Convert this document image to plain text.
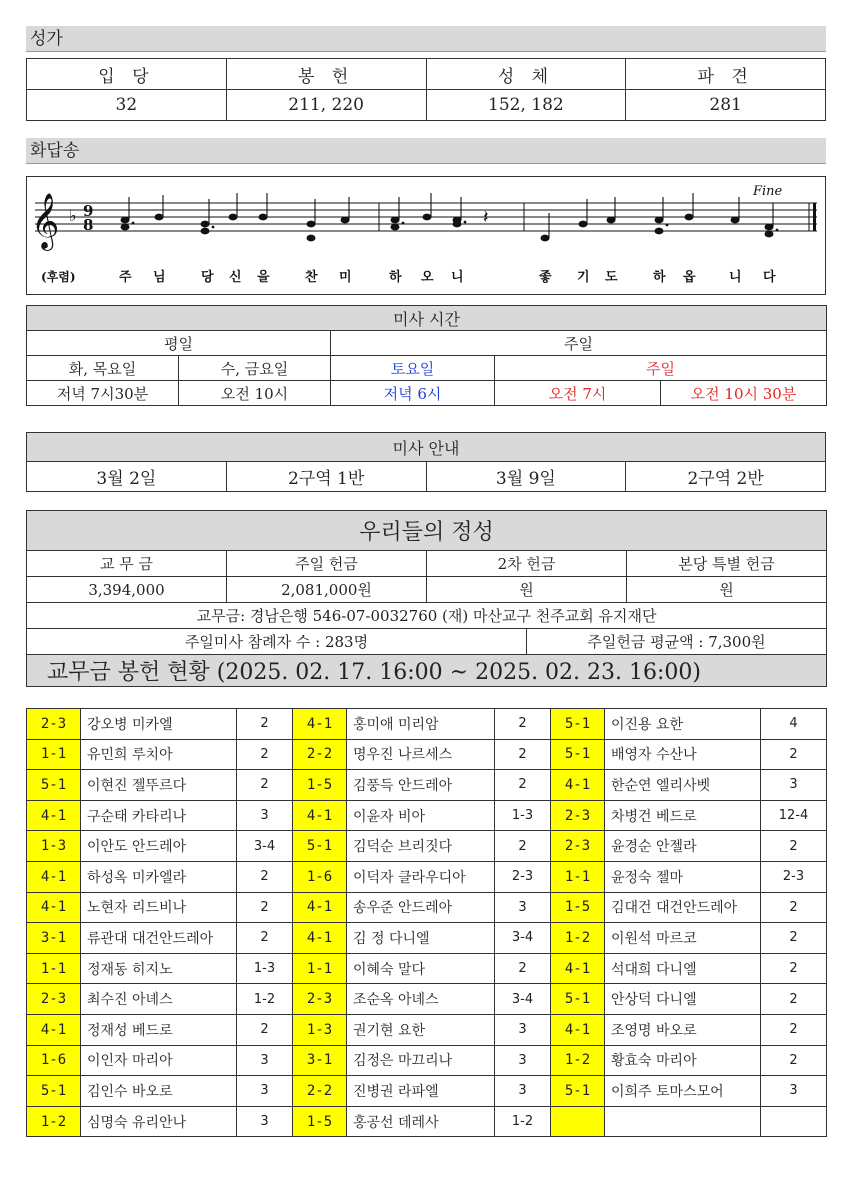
성가
입 당	봉 헌	성 체	파 견
32	211, 220	152, 182	281
화답송
𝄞 ♭ 9
8	𝄽
Fine
(후렴)	주 님	당 신 을	찬 미	하 오 니	좋 기 도	하 옵	니 다
미사 시간				
평일		주일		
화, 목요일	수, 금요일	토요일	주일	
저녁 7시30분	오전 10시	저녁 6시	오전 7시	오전 10시 30분
미사 안내
3월 2일	2구역 1반	3월 9일	2구역 2반
우리들의 정성				
교 무 금	주일 헌금	2차 헌금		본당 특별 헌금
3,394,000	2,081,000원	원		원
교무금: 경남은행 546-07-0032760 (재) 마산교구 천주교회 유지재단				
주일미사 참례자 수 : 283명			주일헌금 평균액 : 7,300원	
교무금 봉헌 현황 (2025. 02. 17. 16:00 ~ 2025. 02. 23. 16:00)				
2-3	강오병 미카엘	2	4-1	홍미애 미리암	2	5-1	이진용 요한	4
1-1	유민희 루치아	2	2-2	명우진 나르세스	2	5-1	배영자 수산나	2
5-1	이현진 젤뚜르다	2	1-5	김풍득 안드레아	2	4-1	한순연 엘리사벳	3
4-1	구순태 카타리나	3	4-1	이윤자 비아	1-3	2-3	차병건 베드로	12-4
1-3	이안도 안드레아	3-4	5-1	김덕순 브리짓다	2	2-3	윤경순 안젤라	2
4-1	하성옥 미카엘라	2	1-6	이덕자 클라우디아	2-3	1-1	윤정숙 젤마	2-3
4-1	노현자 리드비나	2	4-1	송우준 안드레아	3	1-5	김대건 대건안드레아	2
3-1	류관대 대건안드레아	2	4-1	김 정 다니엘	3-4	1-2	이원석 마르코	2
1-1	정재동 히지노	1-3	1-1	이혜숙 말다	2	4-1	석대희 다니엘	2
2-3	최수진 아녜스	1-2	2-3	조순옥 아녜스	3-4	5-1	안상덕 다니엘	2
4-1	정재성 베드로	2	1-3	권기현 요한	3	4-1	조영명 바오로	2
1-6	이인자 마리아	3	3-1	김정은 마끄리나	3	1-2	황효숙 마리아	2
5-1	김인수 바오로	3	2-2	진병권 라파엘	3	5-1	이희주 토마스모어	3
1-2	심명숙 유리안나	3	1-5	홍공선 데레사	1-2			
